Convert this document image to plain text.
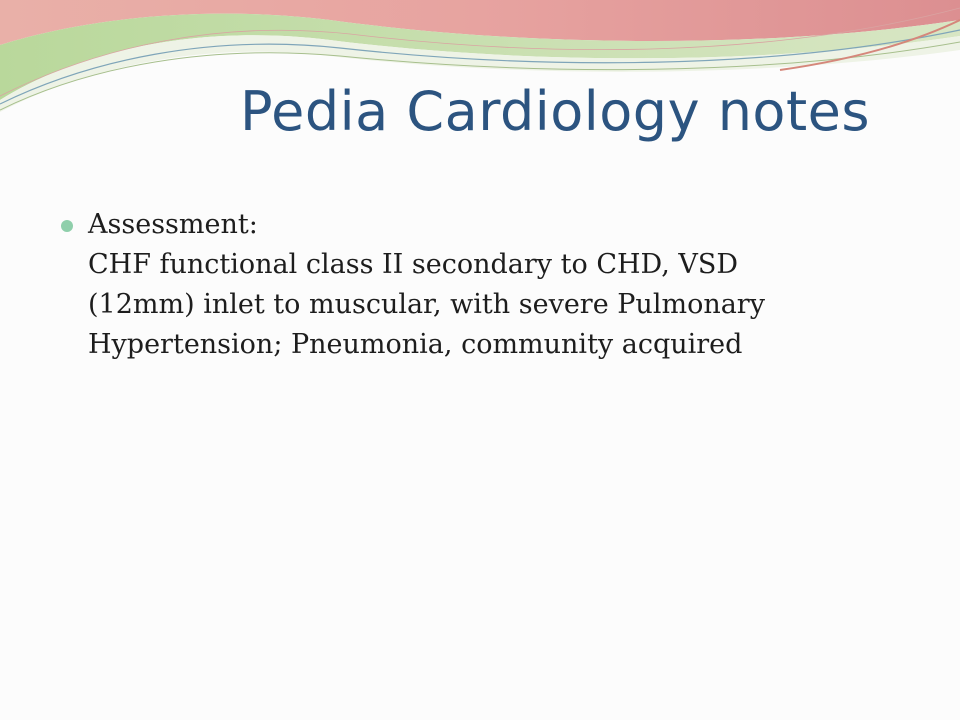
Pedia Cardiology notes
Assessment:
CHF functional class II secondary to CHD, VSD (12mm) inlet to muscular, with severe Pulmonary Hypertension; Pneumonia, community acquired
